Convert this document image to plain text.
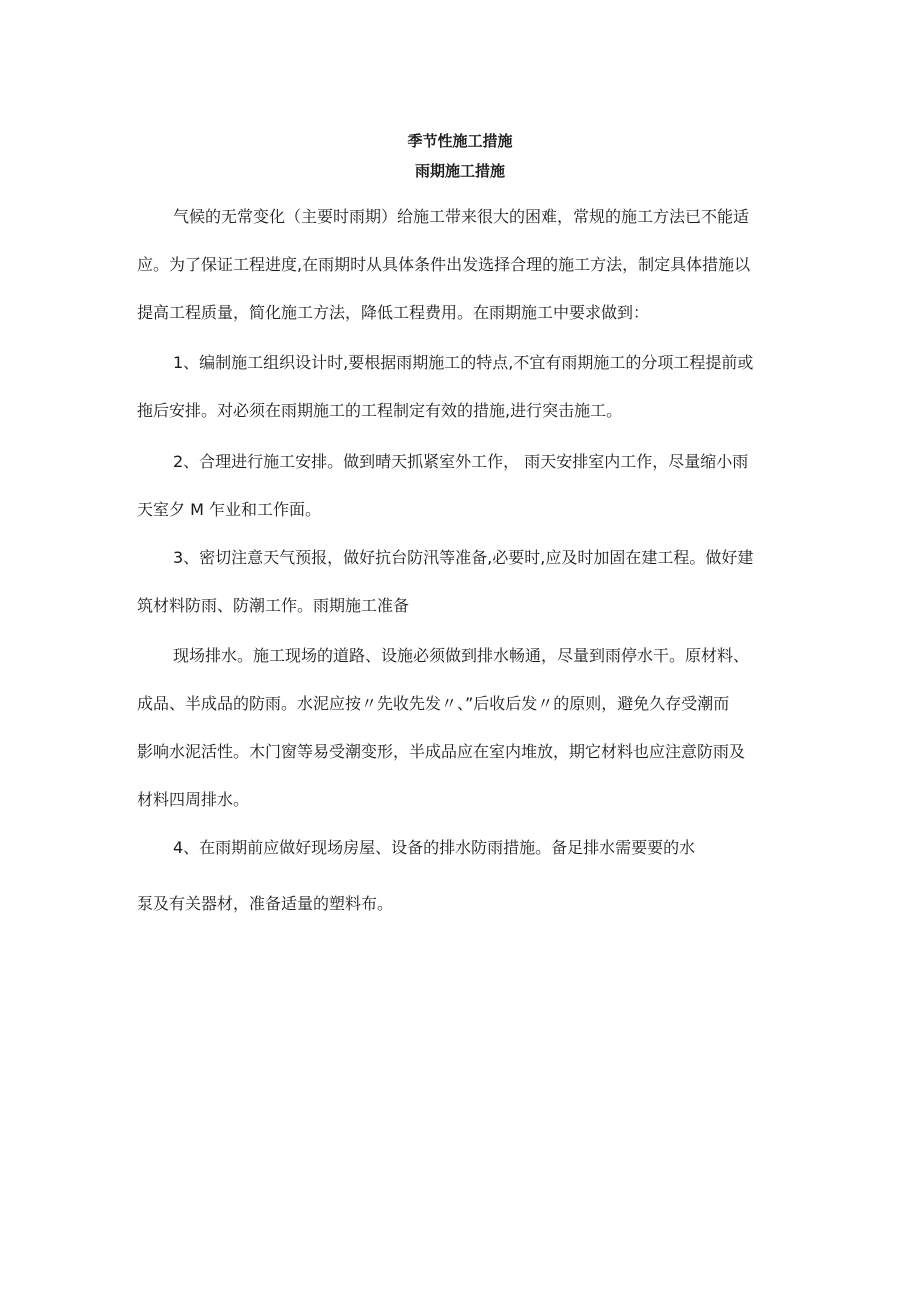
季节性施工措施
雨期施工措施

气候的无常变化（主要时雨期）给施工带来很大的困难，常规的施工方法已不能适

应。为了保证工程进度,在雨期时从具体条件出发选择合理的施工方法，制定具体措施以

提高工程质量，简化施工方法，降低工程费用。在雨期施工中要求做到：

1、编制施工组织设计时,要根据雨期施工的特点,不宜有雨期施工的分项工程提前或

拖后安排。对必须在雨期施工的工程制定有效的措施,进行突击施工。

2、合理进行施工安排。做到晴天抓紧室外工作， 雨天安排室内工作，尽量缩小雨

天室夕 M 乍业和工作面。

3、密切注意天气预报，做好抗台防汛等准备,必要时,应及时加固在建工程。做好建

筑材料防雨、防潮工作。雨期施工准备

现场排水。施工现场的道路、设施必须做到排水畅通，尽量到雨停水干。原材料、

成品、半成品的防雨。水泥应按〃先收先发〃、”后收后发〃的原则，避免久存受潮而

影响水泥活性。木门窗等易受潮变形，半成品应在室内堆放，期它材料也应注意防雨及

材料四周排水。

4、在雨期前应做好现场房屋、设备的排水防雨措施。备足排水需要要的水

泵及有关器材，准备适量的塑料布。
